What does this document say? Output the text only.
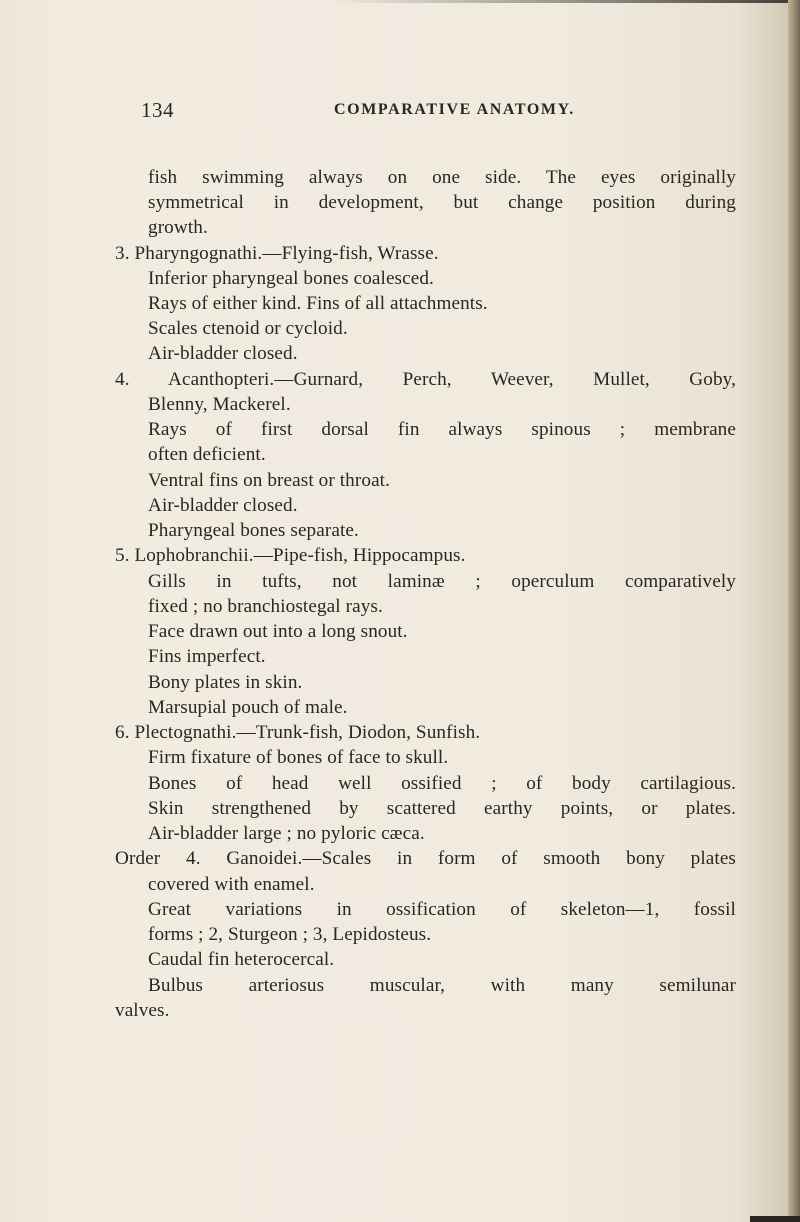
134	COMPARATIVE ANATOMY.
fish swimming always on one side. The eyes originally
symmetrical in development, but change position during
growth.
3. Pharyngognathi.—Flying-fish, Wrasse.
Inferior pharyngeal bones coalesced.
Rays of either kind. Fins of all attachments.
Scales ctenoid or cycloid.
Air-bladder closed.
4. Acanthopteri.—Gurnard, Perch, Weever, Mullet, Goby,
Blenny, Mackerel.
Rays of first dorsal fin always spinous ; membrane
often deficient.
Ventral fins on breast or throat.
Air-bladder closed.
Pharyngeal bones separate.
5. Lophobranchii.—Pipe-fish, Hippocampus.
Gills in tufts, not laminæ ; operculum comparatively
fixed ; no branchiostegal rays.
Face drawn out into a long snout.
Fins imperfect.
Bony plates in skin.
Marsupial pouch of male.
6. Plectognathi.—Trunk-fish, Diodon, Sunfish.
Firm fixature of bones of face to skull.
Bones of head well ossified ; of body cartilagious.
Skin strengthened by scattered earthy points, or plates.
Air-bladder large ; no pyloric cæca.
Order 4. Ganoidei.—Scales in form of smooth bony plates
covered with enamel.
Great variations in ossification of skeleton—1, fossil
forms ; 2, Sturgeon ; 3, Lepidosteus.
Caudal fin heterocercal.
Bulbus arteriosus muscular, with many semilunar
valves.
